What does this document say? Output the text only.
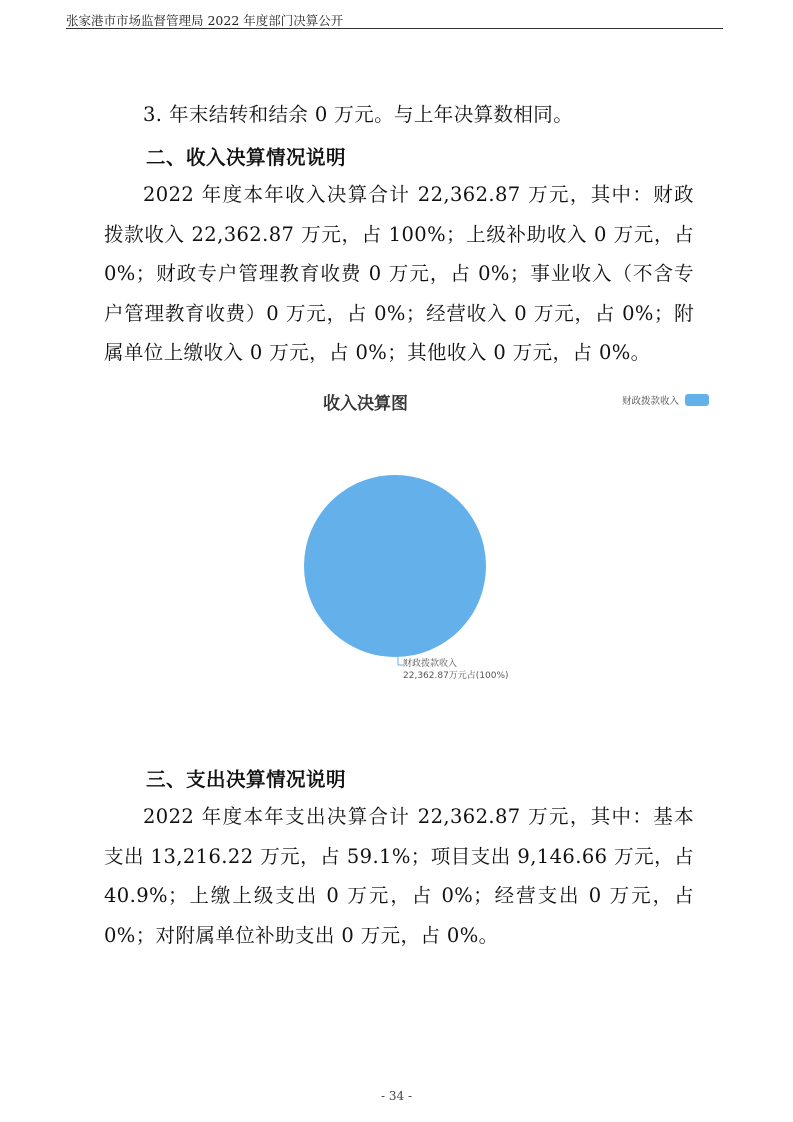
张家港市市场监督管理局 2022 年度部门决算公开

3. 年末结转和结余 0 万元。与上年决算数相同。

二、收入决算情况说明

2022 年度本年收入决算合计 22,362.87 万元，其中：财政拨款收入 22,362.87 万元，占 100%；上级补助收入 0 万元，占 0%；财政专户管理教育收费 0 万元，占 0%；事业收入（不含专户管理教育收费）0 万元，占 0%；经营收入 0 万元，占 0%；附属单位上缴收入 0 万元，占 0%；其他收入 0 万元，占 0%。

收入决算图	财政拨款收入
财政拨款收入
22,362.87万元占(100%)
三、支出决算情况说明

2022 年度本年支出决算合计 22,362.87 万元，其中：基本支出 13,216.22 万元，占 59.1%；项目支出 9,146.66 万元，占 40.9%；上缴上级支出 0 万元，占 0%；经营支出 0 万元，占 0%；对附属单位补助支出 0 万元，占 0%。

- 34 -
